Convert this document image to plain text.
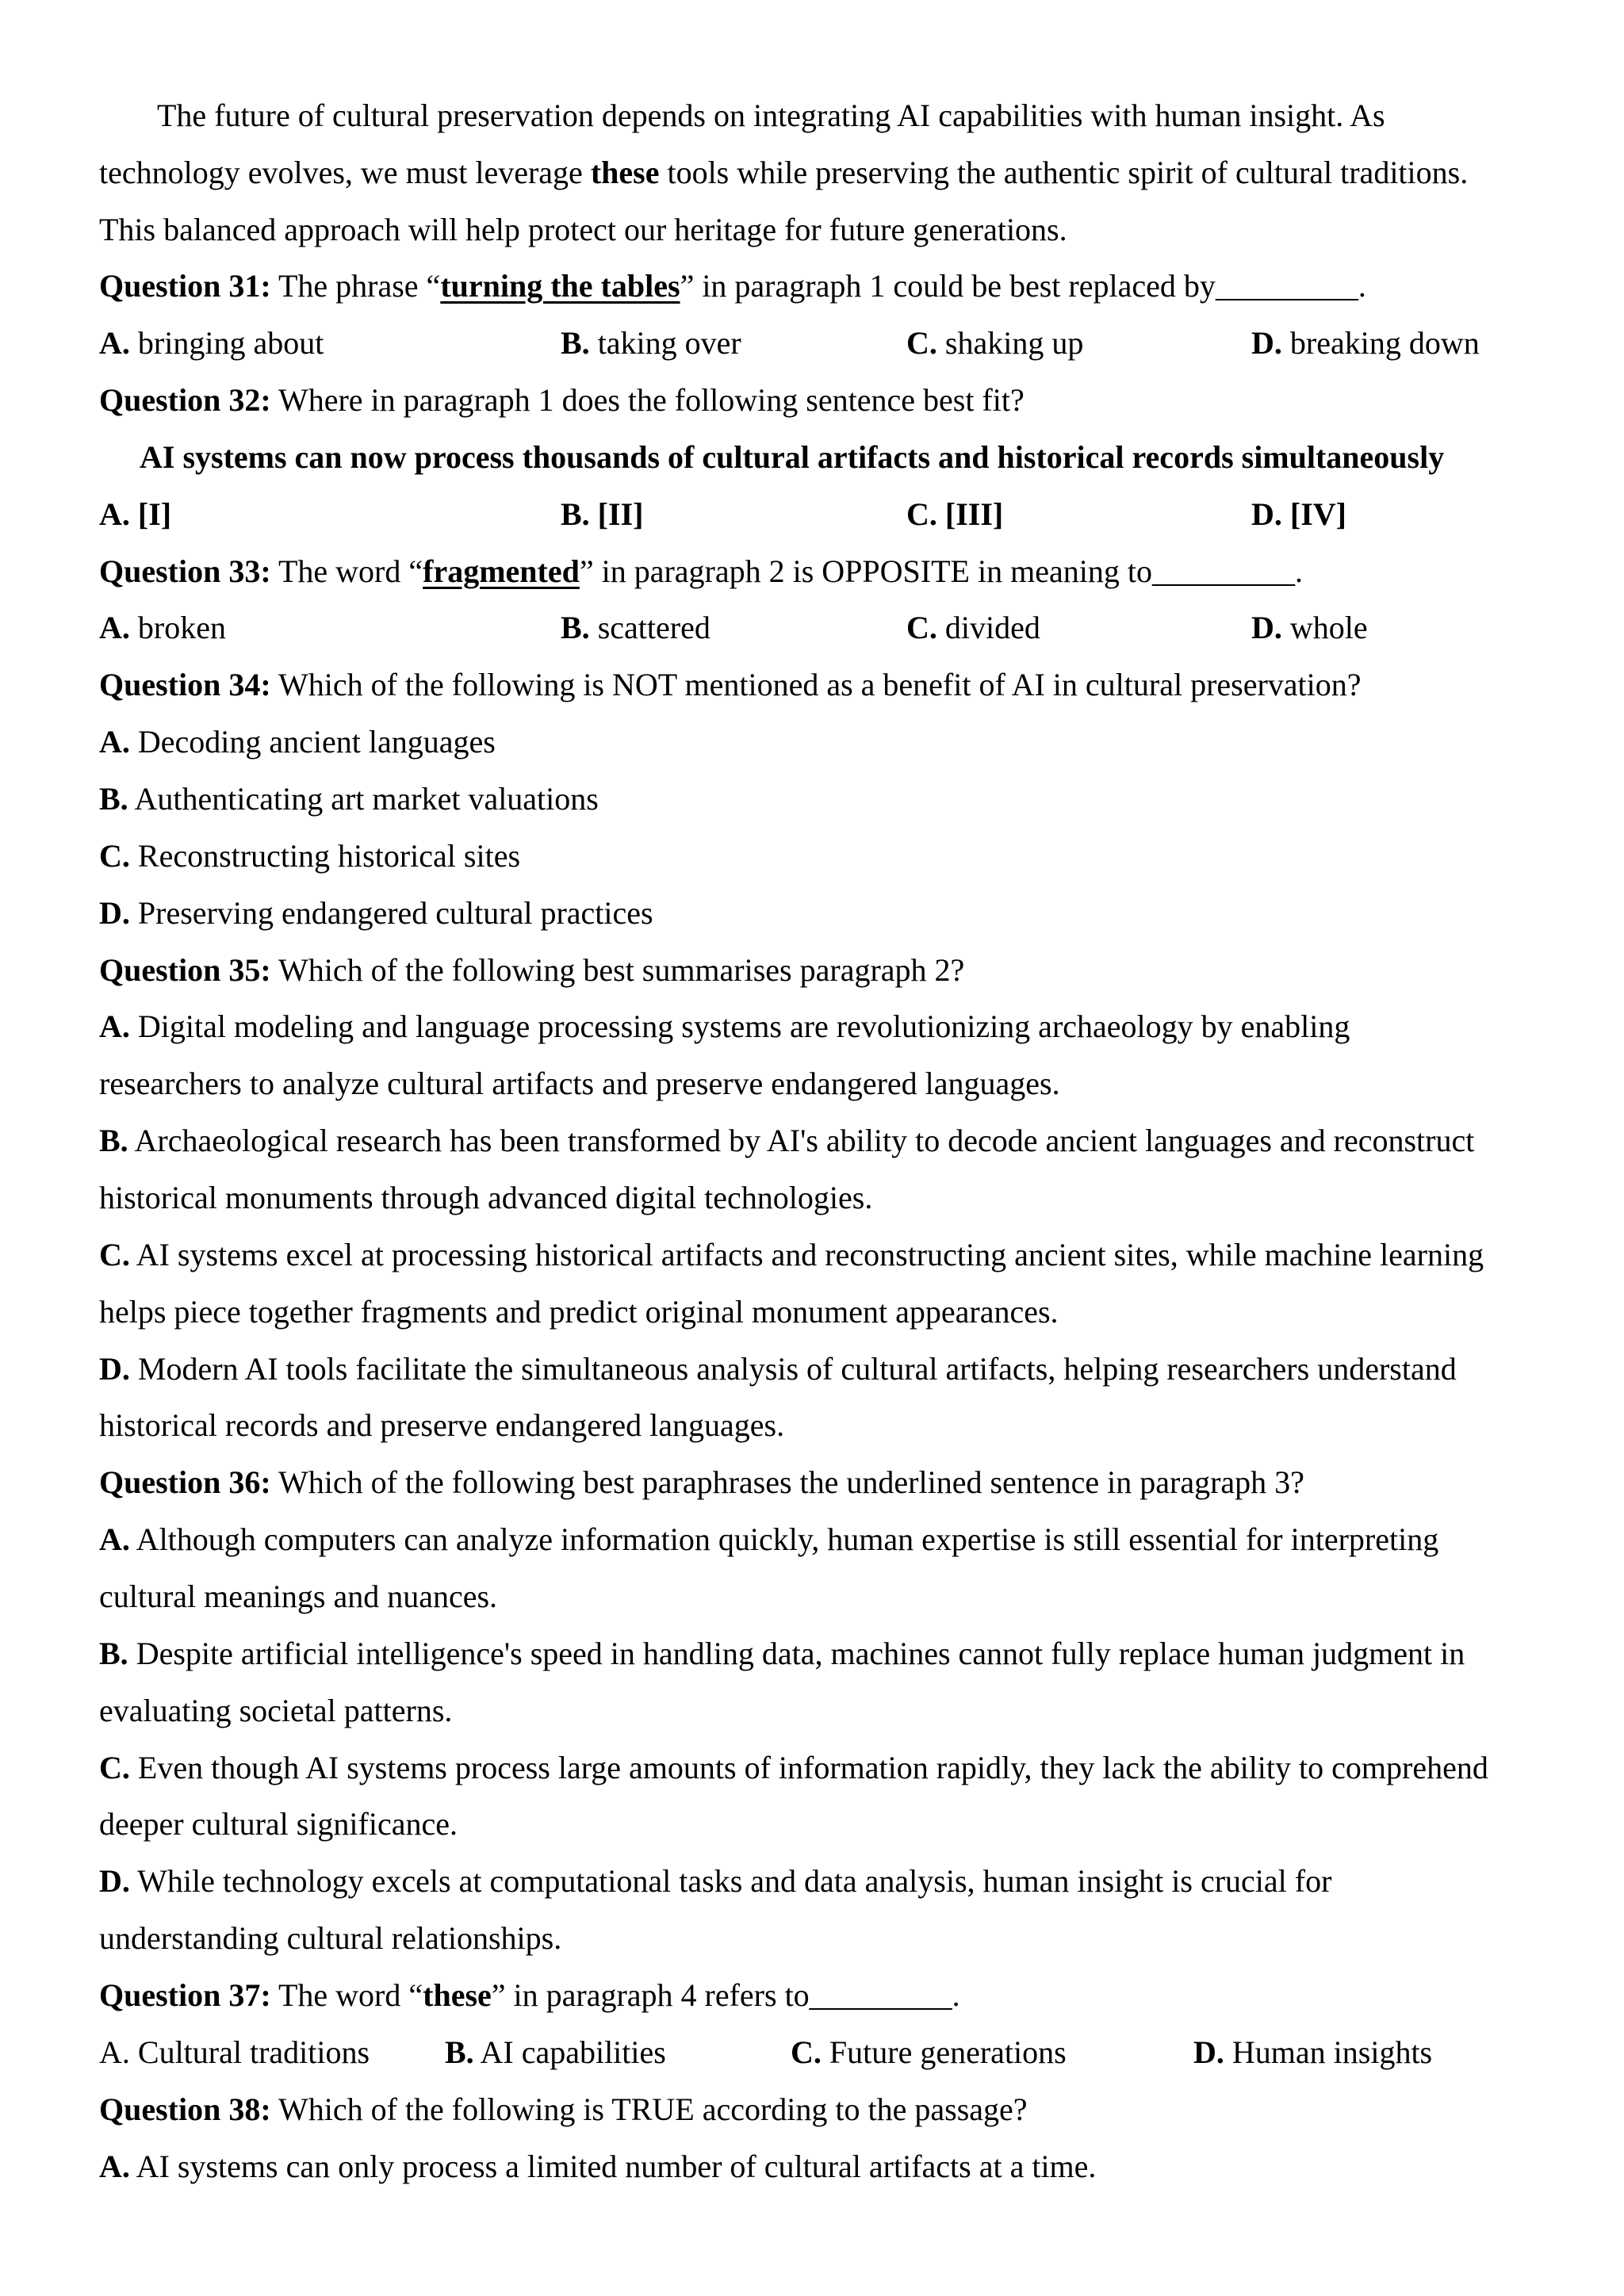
The future of cultural preservation depends on integrating AI capabilities with human insight. As
technology evolves, we must leverage these tools while preserving the authentic spirit of cultural traditions.
This balanced approach will help protect our heritage for future generations.
Question 31: The phrase “turning the tables” in paragraph 1 could be best replaced by_________.
A. bringing about	B. taking over	C. shaking up	D. breaking down
Question 32: Where in paragraph 1 does the following sentence best fit?
AI systems can now process thousands of cultural artifacts and historical records simultaneously
A. [I]	B. [II]	C. [III]	D. [IV]
Question 33: The word “fragmented” in paragraph 2 is OPPOSITE in meaning to_________.
A. broken	B. scattered	C. divided	D. whole
Question 34: Which of the following is NOT mentioned as a benefit of AI in cultural preservation?
A. Decoding ancient languages
B. Authenticating art market valuations
C. Reconstructing historical sites
D. Preserving endangered cultural practices
Question 35: Which of the following best summarises paragraph 2?
A. Digital modeling and language processing systems are revolutionizing archaeology by enabling
researchers to analyze cultural artifacts and preserve endangered languages.
B. Archaeological research has been transformed by AI's ability to decode ancient languages and reconstruct
historical monuments through advanced digital technologies.
C. AI systems excel at processing historical artifacts and reconstructing ancient sites, while machine learning
helps piece together fragments and predict original monument appearances.
D. Modern AI tools facilitate the simultaneous analysis of cultural artifacts, helping researchers understand
historical records and preserve endangered languages.
Question 36: Which of the following best paraphrases the underlined sentence in paragraph 3?
A. Although computers can analyze information quickly, human expertise is still essential for interpreting
cultural meanings and nuances.
B. Despite artificial intelligence's speed in handling data, machines cannot fully replace human judgment in
evaluating societal patterns.
C. Even though AI systems process large amounts of information rapidly, they lack the ability to comprehend
deeper cultural significance.
D. While technology excels at computational tasks and data analysis, human insight is crucial for
understanding cultural relationships.
Question 37: The word “these” in paragraph 4 refers to_________.
A. Cultural traditions B. AI capabilities	C. Future generations	D. Human insights
Question 38: Which of the following is TRUE according to the passage?
A. AI systems can only process a limited number of cultural artifacts at a time.
